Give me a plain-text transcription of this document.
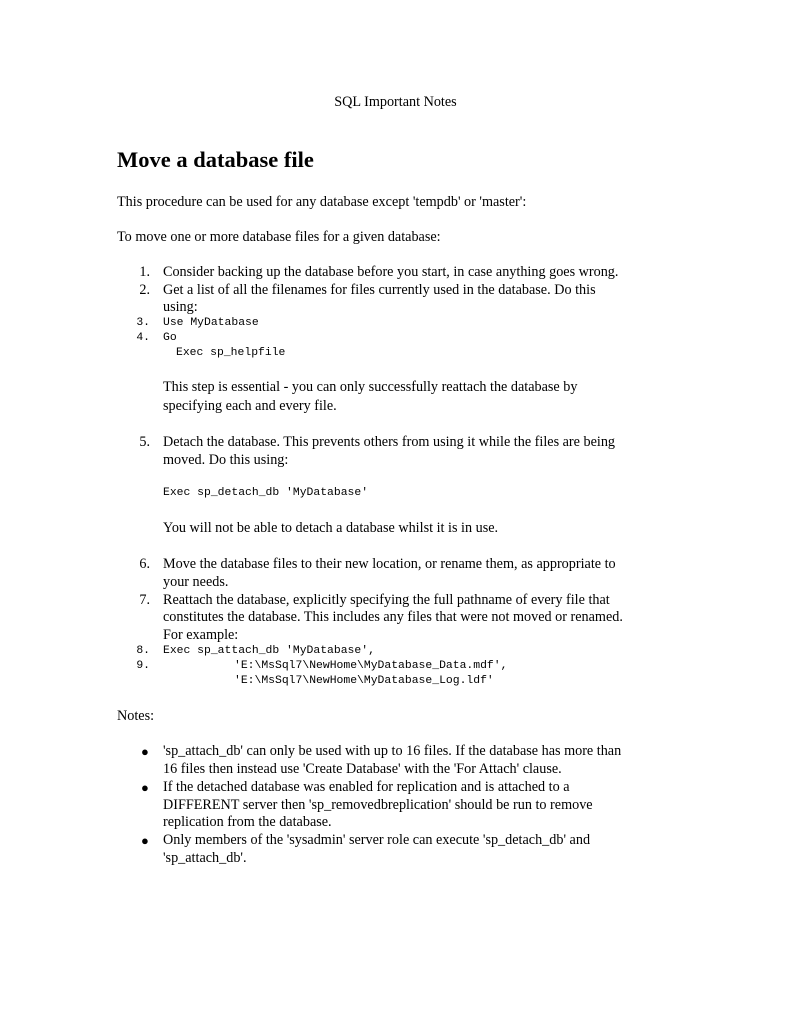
SQL Important Notes
Move a database file
This procedure can be used for any database except 'tempdb' or 'master':
To move one or more database files for a given database:
1. Consider backing up the database before you start, in case anything goes wrong.
2. Get a list of all the filenames for files currently used in the database. Do this
using:
3. Use MyDatabase
4. Go
Exec sp_helpfile
This step is essential - you can only successfully reattach the database by
specifying each and every file.
5. Detach the database. This prevents others from using it while the files are being
moved. Do this using:
Exec sp_detach_db 'MyDatabase'
You will not be able to detach a database whilst it is in use.
6. Move the database files to their new location, or rename them, as appropriate to
your needs.
7. Reattach the database, explicitly specifying the full pathname of every file that
constitutes the database. This includes any files that were not moved or renamed.
For example:
8. Exec sp_attach_db 'MyDatabase',
9.	'E:\MsSql7\NewHome\MyDatabase_Data.mdf',
'E:\MsSql7\NewHome\MyDatabase_Log.ldf'
Notes:
● 'sp_attach_db' can only be used with up to 16 files. If the database has more than
16 files then instead use 'Create Database' with the 'For Attach' clause.
● If the detached database was enabled for replication and is attached to a
DIFFERENT server then 'sp_removedbreplication' should be run to remove
replication from the database.
● Only members of the 'sysadmin' server role can execute 'sp_detach_db' and
'sp_attach_db'.
